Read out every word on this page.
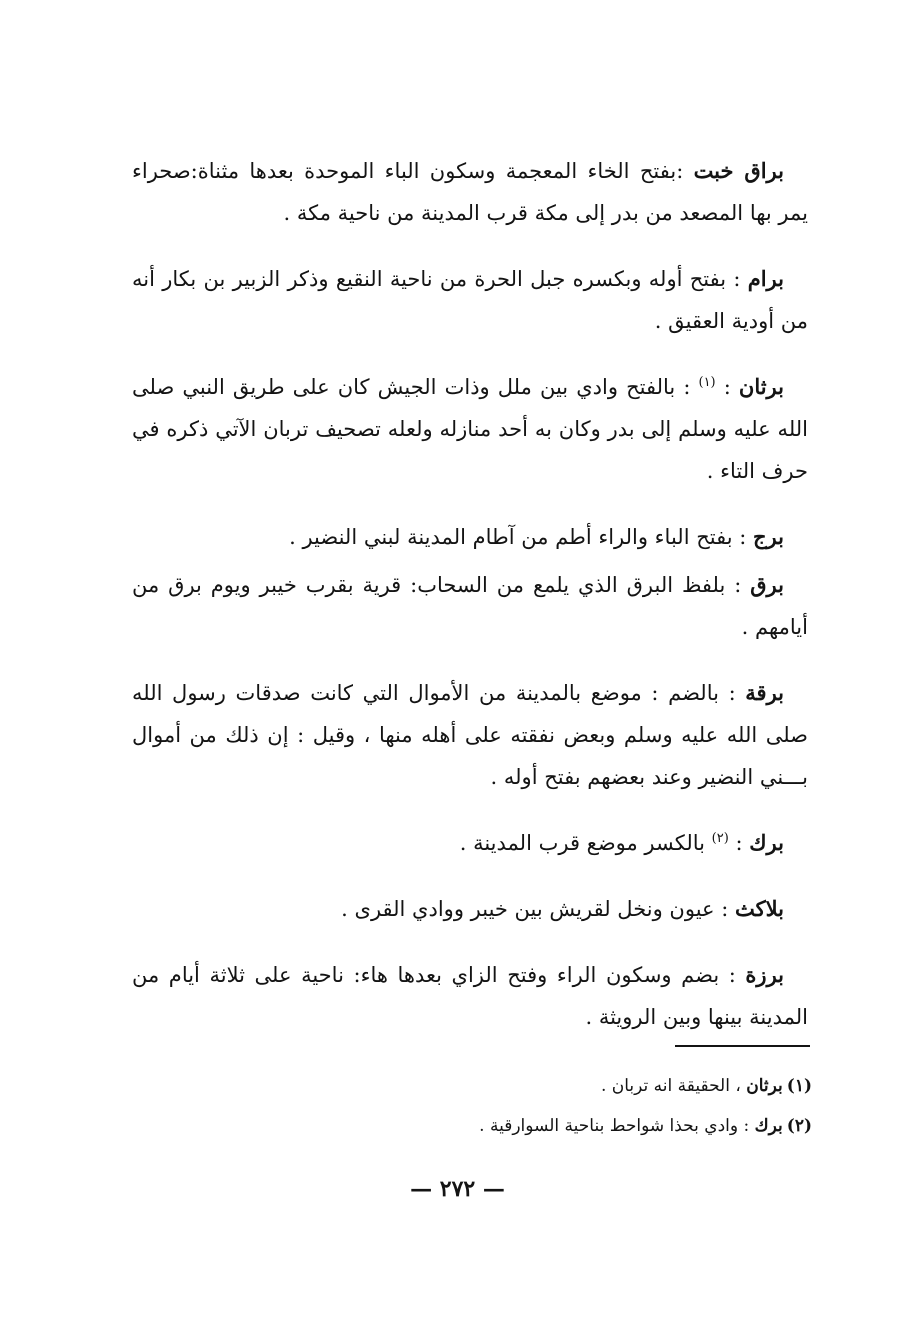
براق خبت :بفتح الخاء المعجمة وسكون الباء الموحدة بعدها مثناة:صحراء يمر بها المصعد من بدر إلى مكة قرب المدينة من ناحية مكة .

برام : بفتح أوله وبكسره جبل الحرة من ناحية النقيع وذكر الزبير بن بكار أنه من أودية العقيق .

برثان : $^{(١)}$ : بالفتح وادي بين ملل وذات الجيش كان على طريق النبي صلى الله عليه وسلم إلى بدر وكان به أحد منازله ولعله تصحيف تربان الآتي ذكره في حرف التاء .

برج : بفتح الباء والراء أطم من آطام المدينة لبني النضير .

برق : بلفظ البرق الذي يلمع من السحاب: قرية بقرب خيبر ويوم برق من أيامهم .

برقة : بالضم : موضع بالمدينة من الأموال التي كانت صدقات رسول الله صلى الله عليه وسلم وبعض نفقته على أهله منها ، وقيل : إن ذلك من أموال بـــني النضير وعند بعضهم بفتح أوله .

برك : $^{(٢)}$ بالكسر موضع قرب المدينة .

بلاكث : عيون ونخل لقريش بين خيبر ووادي القرى .

برزة : بضم وسكون الراء وفتح الزاي بعدها هاء: ناحية على ثلاثة أيام من المدينة بينها وبين الرويثة .

(١)برثان ، الحقيقة انه تربان .

(٢)برك : وادي بحذا شواحط بناحية السوارقية .

— ٢٧٢ —
